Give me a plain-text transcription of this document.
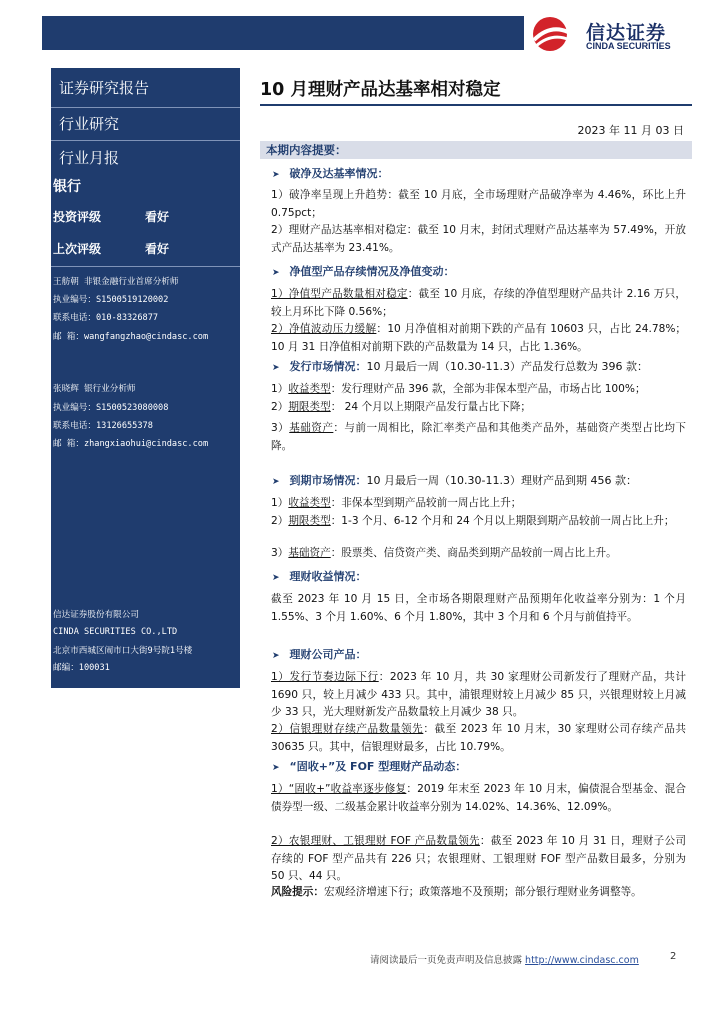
信达证券
CINDA SECURITIES
证券研究报告
行业研究
行业月报
银行
投资评级	看好
上次评级	看好
王舫朝 非银金融行业首席分析师
执业编号：S1500519120002
联系电话：010-83326877
邮 箱：wangfangzhao@cindasc.com
张晓辉 银行业分析师
执业编号：S1500523080008
联系电话：13126655378
邮 箱：zhangxiaohui@cindasc.com
信达证券股份有限公司
CINDA SECURITIES CO.,LTD
北京市西城区闹市口大街9号院1号楼
邮编：100031
10 月理财产品达基率相对稳定
2023 年 11 月 03 日
本期内容提要：
➤ 破净及达基率情况：
1）破净率呈现上升趋势：截至 10 月底，全市场理财产品破净率为 4.46%，环比上升 0.75pct；
2）理财产品达基率相对稳定：截至 10 月末，封闭式理财产品达基率为 57.49%，开放式产品达基率为 23.41%。
➤ 净值型产品存续情况及净值变动：
1）净值型产品数量相对稳定：截至 10 月底，存续的净值型理财产品共计 2.16 万只，较上月环比下降 0.56%；
2）净值波动压力缓解：10 月净值相对前期下跌的产品有 10603 只，占比 24.78%；10 月 31 日净值相对前期下跌的产品数量为 14 只，占比 1.36%。
➤ 发行市场情况：10 月最后一周（10.30-11.3）产品发行总数为 396 款：
1）收益类型：发行理财产品 396 款，全部为非保本型产品，市场占比 100%；
2）期限类型： 24 个月以上期限产品发行量占比下降；
3）基础资产：与前一周相比，除汇率类产品和其他类产品外，基础资产类型占比均下降。
➤ 到期市场情况：10 月最后一周（10.30-11.3）理财产品到期 456 款：
1）收益类型：非保本型到期产品较前一周占比上升；
2）期限类型：1-3 个月、6-12 个月和 24 个月以上期限到期产品较前一周占比上升；
3）基础资产：股票类、信贷资产类、商品类到期产品较前一周占比上升。
➤ 理财收益情况：
截至 2023 年 10 月 15 日，全市场各期限理财产品预期年化收益率分别为：1 个月 1.55%、3 个月 1.60%、6 个月 1.80%，其中 3 个月和 6 个月与前值持平。
➤ 理财公司产品：
1）发行节奏边际下行：2023 年 10 月，共 30 家理财公司新发行了理财产品，共计 1690 只，较上月减少 433 只。其中，浦银理财较上月减少 85 只，兴银理财较上月减少 33 只，光大理财新发产品数量较上月减少 38 只。
2）信银理财存续产品数量领先：截至 2023 年 10 月末，30 家理财公司存续产品共 30635 只。其中，信银理财最多，占比 10.79%。
➤ “固收+”及 FOF 型理财产品动态：
1）“固收+”收益率逐步修复：2019 年末至 2023 年 10 月末，偏债混合型基金、混合债券型一级、二级基金累计收益率分别为 14.02%、14.36%、12.09%。
2）农银理财、工银理财 FOF 产品数量领先：截至 2023 年 10 月 31 日，理财子公司存续的 FOF 型产品共有 226 只；农银理财、工银理财 FOF 型产品数目最多，分别为 50 只、44 只。
风险提示：宏观经济增速下行；政策落地不及预期；部分银行理财业务调整等。
请阅读最后一页免责声明及信息披露 http://www.cindasc.com	2
